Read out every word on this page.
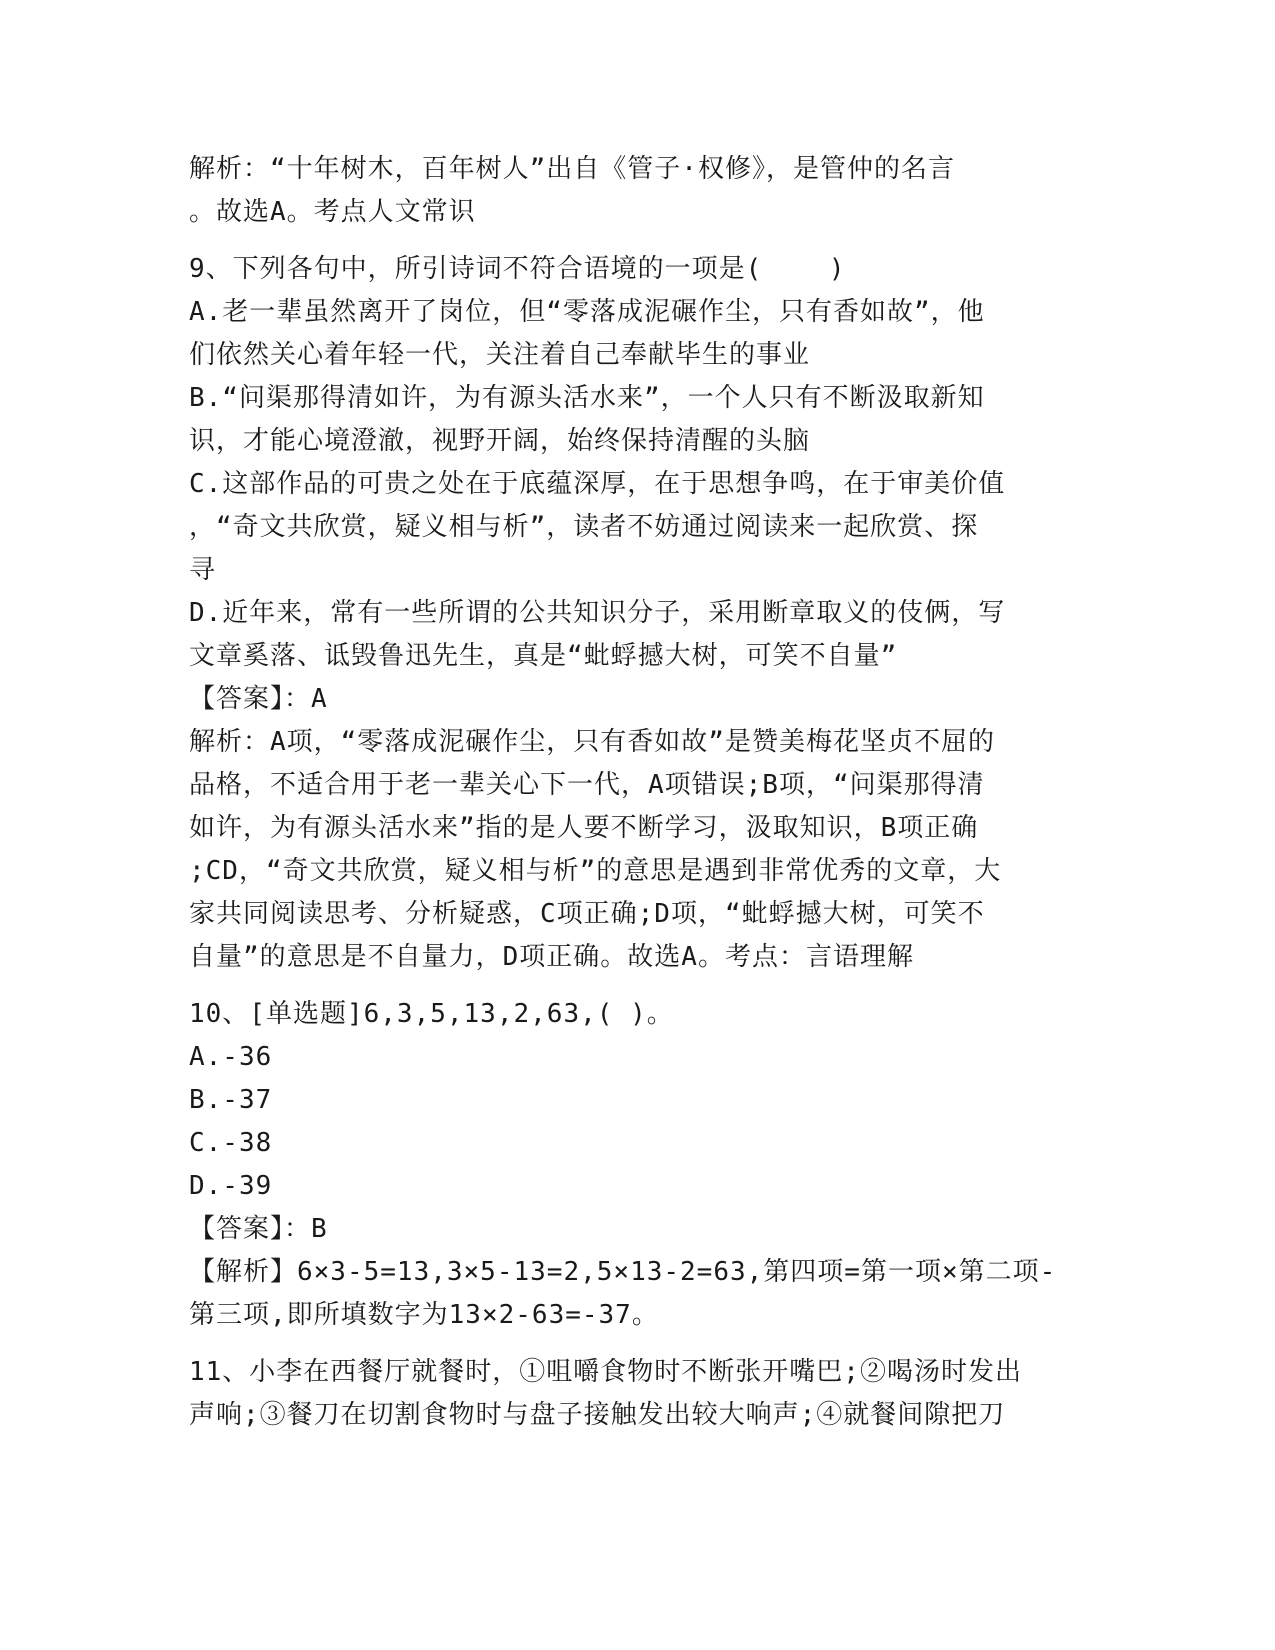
解析：“十年树木，百年树人”出自《管子·权修》，是管仲的名言
。故选A。考点人文常识
9、下列各句中，所引诗词不符合语境的一项是(    )
A.老一辈虽然离开了岗位，但“零落成泥碾作尘，只有香如故”，他
们依然关心着年轻一代，关注着自己奉献毕生的事业
B.“问渠那得清如许，为有源头活水来”，一个人只有不断汲取新知
识，才能心境澄澈，视野开阔，始终保持清醒的头脑
C.这部作品的可贵之处在于底蕴深厚，在于思想争鸣，在于审美价值
，“奇文共欣赏，疑义相与析”，读者不妨通过阅读来一起欣赏、探
寻
D.近年来，常有一些所谓的公共知识分子，采用断章取义的伎俩，写
文章奚落、诋毁鲁迅先生，真是“蚍蜉撼大树，可笑不自量”
【答案】：A
解析：A项，“零落成泥碾作尘，只有香如故”是赞美梅花坚贞不屈的
品格，不适合用于老一辈关心下一代，A项错误;B项，“问渠那得清
如许，为有源头活水来”指的是人要不断学习，汲取知识，B项正确
;CD，“奇文共欣赏，疑义相与析”的意思是遇到非常优秀的文章，大
家共同阅读思考、分析疑惑，C项正确;D项，“蚍蜉撼大树，可笑不
自量”的意思是不自量力，D项正确。故选A。考点：言语理解
10、[单选题]6,3,5,13,2,63,( )。
A.-36
B.-37
C.-38
D.-39
【答案】：B
【解析】6×3-5=13,3×5-13=2,5×13-2=63,第四项=第一项×第二项-
第三项,即所填数字为13×2-63=-37。
11、小李在西餐厅就餐时，①咀嚼食物时不断张开嘴巴;②喝汤时发出
声响;③餐刀在切割食物时与盘子接触发出较大响声;④就餐间隙把刀
